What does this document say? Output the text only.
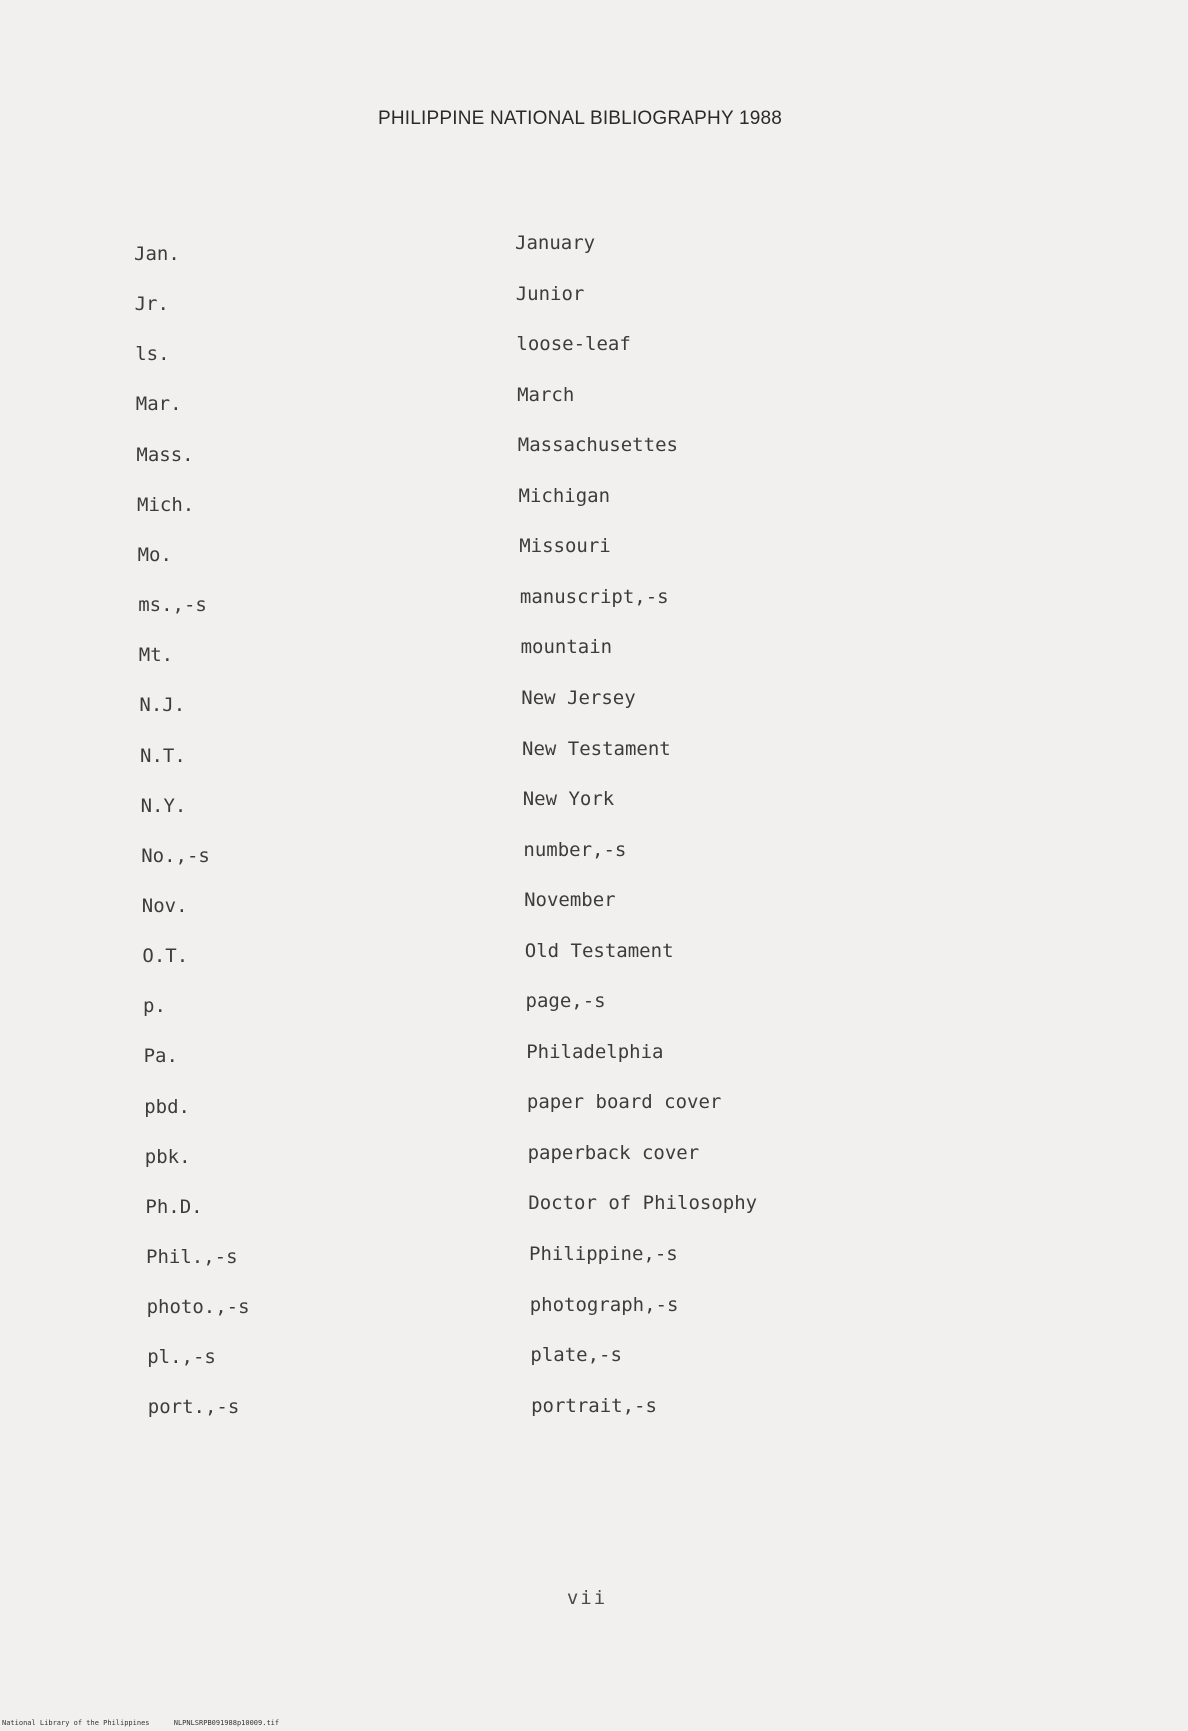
PHILIPPINE NATIONAL BIBLIOGRAPHY 1988
Jan.	January
Jr.	Junior
ls.	loose-leaf
Mar.	March
Mass.	Massachusettes
Mich.	Michigan
Mo.	Missouri
ms.,-s	manuscript,-s
Mt.	mountain
N.J.	New Jersey
N.T.	New Testament
N.Y.	New York
No.,-s	number,-s
Nov.	November
O.T.	Old Testament
p.	page,-s
Pa.	Philadelphia
pbd.	paper board cover
pbk.	paperback cover
Ph.D.	Doctor of Philosophy
Phil.,-s	Philippine,-s
photo.,-s	photograph,-s
pl.,-s	plate,-s
port.,-s	portrait,-s
vii
National Library of the Philippines	NLPNLSRPB091988p10009.tif
